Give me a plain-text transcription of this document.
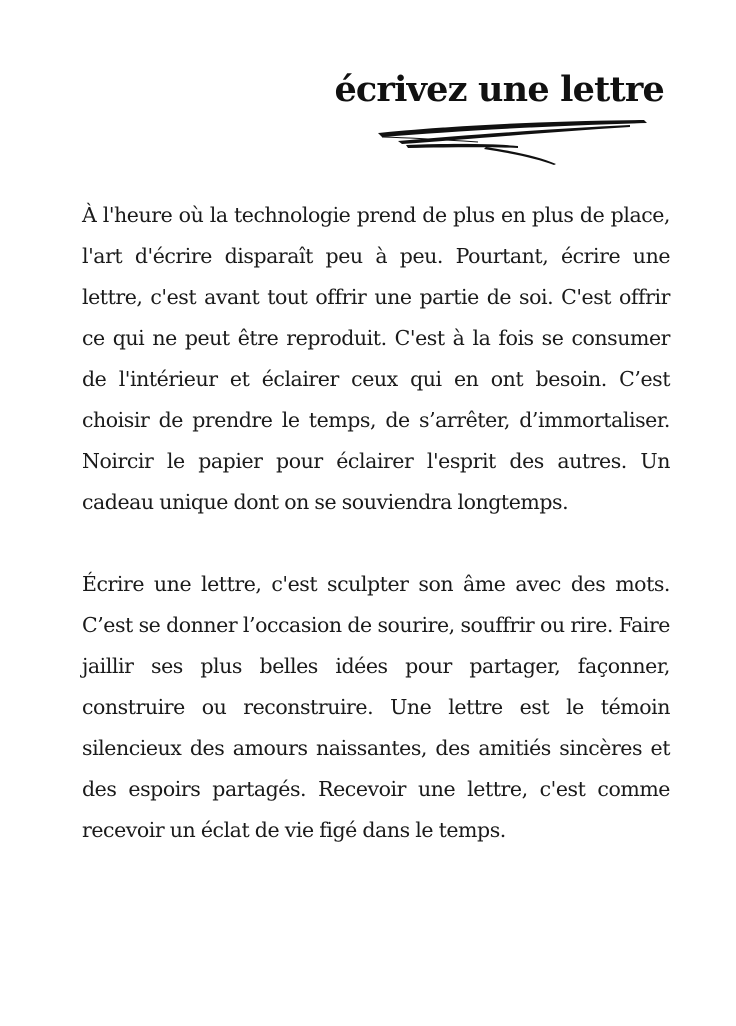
écrivez une lettre

À l'heure où la technologie prend de plus en plus de place, l'art d'écrire disparaît peu à peu. Pourtant, écrire une lettre, c'est avant tout offrir une partie de soi. C'est offrir ce qui ne peut être reproduit. C'est à la fois se consumer de l'intérieur et éclairer ceux qui en ont besoin. C’est choisir de prendre le temps, de s’arrêter, d’immortaliser. Noircir le papier pour éclairer l'esprit des autres. Un cadeau unique dont on se souviendra longtemps.

Écrire une lettre, c'est sculpter son âme avec des mots. C’est se donner l’occasion de sourire, souffrir ou rire. Faire jaillir ses plus belles idées pour partager, façonner, construire ou reconstruire. Une lettre est le témoin silencieux des amours naissantes, des amitiés sincères et des espoirs partagés. Recevoir une lettre, c'est comme recevoir un éclat de vie figé dans le temps.
